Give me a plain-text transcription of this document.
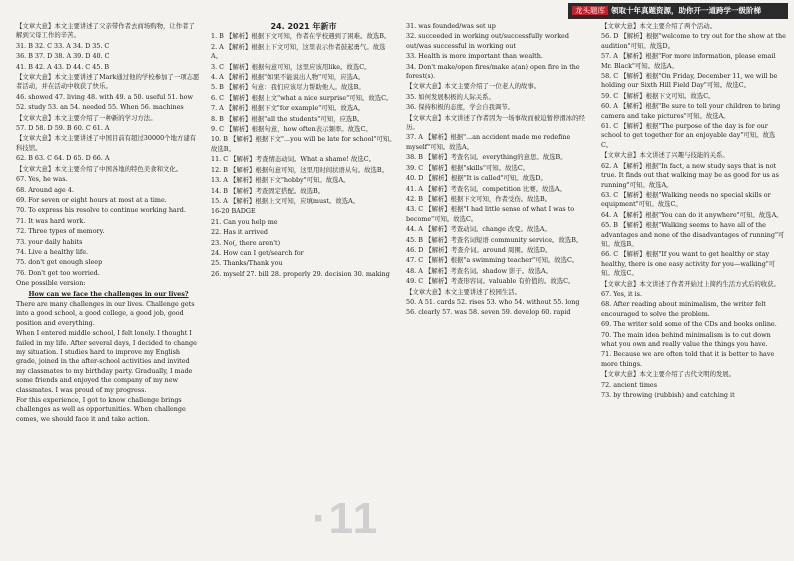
龙头题库 领取十年真题资源，助你开一道跨学一级阶梯

【文章大意】本文主要讲述了父亲带作者去商场购物，让作者了解到父母工作的辛苦。

31. B 32. C 33. A 34. D 35. C

36. B 37. D 38. A 39. D 40. C

41. B 42. A 43. D 44. C 45. B

【文章大意】本文主要讲述了Mark通过他的学校参加了一项志愿者活动，并在活动中收获了快乐。

46. showed 47. living 48. with 49. a 50. useful 51. how

52. study 53. an 54. needed 55. When 56. machines

【文章大意】本文主要介绍了一种新的学习方法。

57. D 58. D 59. B 60. C 61. A

【文章大意】本文主要讲述了中国目前有超过30000个地方建有科技馆。

62. B 63. C 64. D 65. D 66. A

【文章大意】本文主要介绍了中国各地的特色美食和文化。

67. Yes, he was.

68. Around age 4.

69. For seven or eight hours at most at a time.

70. To express his resolve to continue working hard.

71. It was hard work.

72. Three types of memory.

73. your daily habits

74. Live a healthy life.

75. don't get enough sleep

76. Don't get too worried.

One possible version:

How can we face the challenges in our lives?

There are many challenges in our lives. Challenge gets into a good school, a good college, a good job, good position and everything.

When I entered middle school, I felt lonely. I thought I failed in my life. After several days, I decided to change my situation. I studies hard to improve my English grade, joined in the after-school activities and invited my classmates to my birthday party. Gradually, I made some friends and enjoyed the company of my new classmates. I was proud of my progress.

For this experience, I got to know challenge brings challenges as well as opportunities. When challenge comes, we should face it and take action.

24. 2021 年新市

1. B 【解析】根据下文可知，作者在学校遇到了困难。故选B。

2. A 【解析】根据上下文可知，这里表示作者鼓起勇气。故选A。

3. C 【解析】根据句意可知，这里应该用like。故选C。

4. A 【解析】根据"如果不能说出人物"可知，应选A。

5. B 【解析】句意：我们应该尽力帮助他人。故选B。

6. C 【解析】根据上文"what a nice surprise"可知。故选C。

7. A 【解析】根据下文"for example"可知。故选A。

8. B 【解析】根据"all the students"可知，应选B。

9. C 【解析】根据句意，how often表示频率。故选C。

10. B 【解析】根据下文"...you will be late for school"可知。故选B。

11. C 【解析】考查情态动词。What a shame! 故选C。

12. B 【解析】根据句意可知，这里用时间状语从句。故选B。

13. A 【解析】根据下文"hobby"可知。故选A。

14. B 【解析】考查固定搭配。故选B。

15. A 【解析】根据上文可知，应填must。故选A。

16-20 BADGE

21. Can you help me

22. Has it arrived

23. No(, there aren't)

24. How can I get/search for

25. Thanks/Thank you

26. myself 27. bill 28. properly 29. decision 30. making

31. was founded/was set up

32. succeeded in working out/successfully worked out/was successful in working out

33. Health is more important than wealth.

34. Don't make/open fires/make a(an) open fire in the forest(s).

【文章大意】本文主要介绍了一位老人的故事。

35. 如何发展积极的人际关系。

36. 保持积极的态度，学会自我调节。

【文章大意】本文讲述了作者因为一场事故而被迫暂停滑冰的经历。

37. A 【解析】根据"...an accident made me redefine myself"可知。故选A。

38. B 【解析】考查名词。everything的意思。故选B。

39. C 【解析】根据"skills"可知。故选C。

40. D 【解析】根据"It is called"可知。故选D。

41. A 【解析】考查名词。competition 比赛。故选A。

42. B 【解析】根据下文可知，作者受伤。故选B。

43. C 【解析】根据"I had little sense of what I was to become"可知。故选C。

44. A 【解析】考查动词。change 改变。故选A。

45. B 【解析】考查名词短语 community service。故选B。

46. D 【解析】考查介词。around 周围。故选D。

47. C 【解析】根据"a swimming teacher"可知。故选C。

48. A 【解析】考查名词。shadow 影子。故选A。

49. C 【解析】考查形容词。valuable 有价值的。故选C。

【文章大意】本文主要讲述了校园生活。

50. A 51. cards 52. rises 53. who 54. without 55. long

56. clearly 57. was 58. seven 59. develop 60. rapid

【文章大意】本文主要介绍了两个活动。

56. D 【解析】根据"welcome to try out for the show at the audition"可知。故选D。

57. A 【解析】根据"For more information, please email Mr. Black"可知。故选A。

58. C 【解析】根据"On Friday, December 11, we will be holding our Sixth Hill Field Day"可知。故选C。

59. C 【解析】根据下文可知。故选C。

60. A 【解析】根据"Be sure to tell your children to bring camera and take pictures"可知。故选A。

61. C 【解析】根据"The purpose of the day is for our school to get together for an enjoyable day"可知。故选C。

【文章大意】本文讲述了兴趣与技能的关系。

62. A 【解析】根据"In fact, a new study says that is not true. It finds out that walking may be as good for us as running"可知。故选A。

63. C 【解析】根据"Walking needs no special skills or equipment"可知。故选C。

64. A 【解析】根据"You can do it anywhere"可知。故选A。

65. B 【解析】根据"Walking seems to have all of the advantages and none of the disadvantages of running"可知。故选B。

66. C 【解析】根据"If you want to get healthy or stay healthy, there is one easy activity for you—walking"可知。故选C。

【文章大意】本文讲述了作者开始过上简约生活方式后的收获。

67. Yes, it is.

68. After reading about minimalism, the writer felt encouraged to solve the problem.

69. The writer sold some of the CDs and books online.

70. The main idea behind minimalism is to cut down what you own and really value the things you have.

71. Because we are often told that it is better to have more things.

【文章大意】本文主要介绍了古代文明的发展。

72. ancient times

73. by throwing (rubbish) and catching it

·11
